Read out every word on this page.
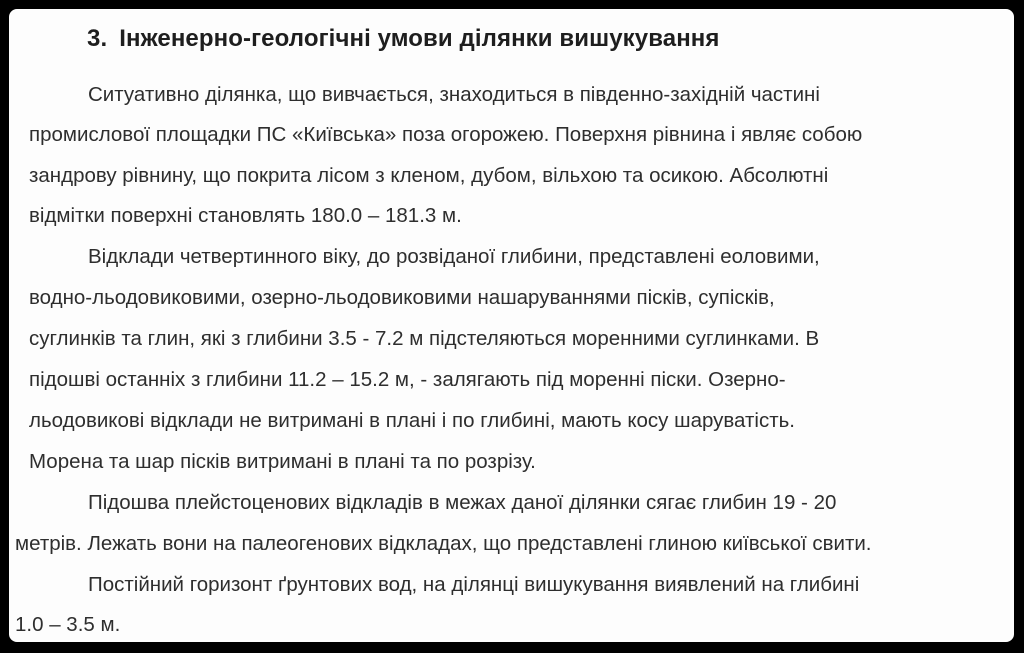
3. Інженерно-геологічні умови ділянки вишукування
Ситуативно ділянка, що вивчається, знаходиться в південно-західній частині
промислової площадки ПС «Київська» поза огорожею. Поверхня рівнина і являє собою
зандрову рівнину, що покрита лісом з кленом, дубом, вільхою та осикою. Абсолютні
відмітки поверхні становлять 180.0 – 181.3 м.
Відклади четвертинного віку, до розвіданої глибини, представлені еоловими,
водно-льодовиковими, озерно-льодовиковими нашаруваннями пісків, супісків,
суглинків та глин, які з глибини 3.5 - 7.2 м підстеляються моренними суглинками. В
підошві останніх з глибини 11.2 – 15.2 м, - залягають під моренні піски. Озерно-
льодовикові відклади не витримані в плані і по глибині, мають косу шаруватість.
Морена та шар пісків витримані в плані та по розрізу.
Підошва плейстоценових відкладів в межах даної ділянки сягає глибин 19 - 20
метрів. Лежать вони на палеогенових відкладах, що представлені глиною київської свити.
Постійний горизонт ґрунтових вод, на ділянці вишукування виявлений на глибині
1.0 – 3.5 м.
